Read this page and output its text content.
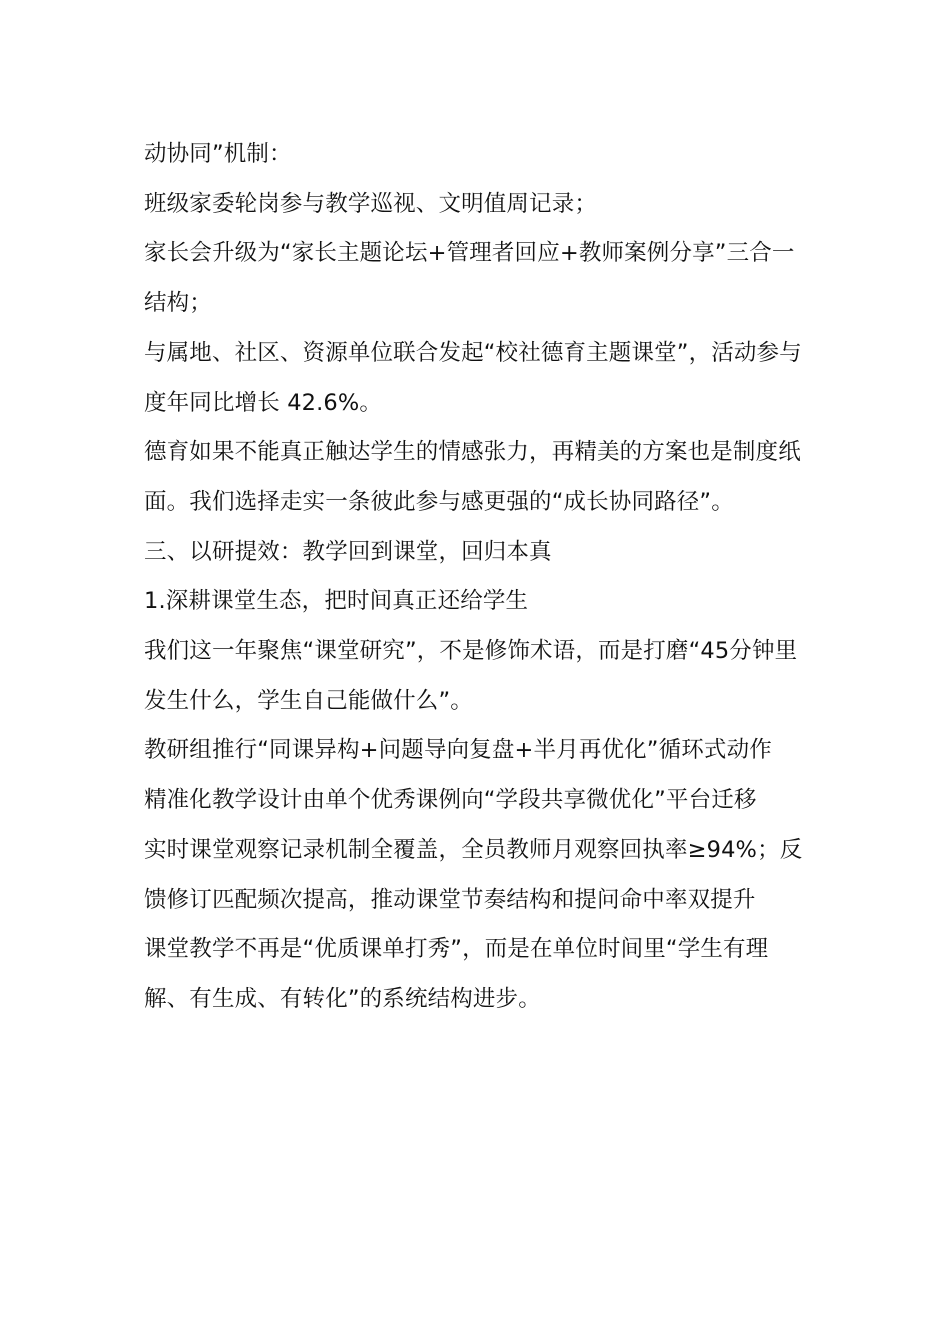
动协同”机制：

班级家委轮岗参与教学巡视、文明值周记录；

家长会升级为“家长主题论坛+管理者回应+教师案例分享”三合一结构；

与属地、社区、资源单位联合发起“校社德育主题课堂”，活动参与度年同比增长 42.6%。

德育如果不能真正触达学生的情感张力，再精美的方案也是制度纸面。我们选择走实一条彼此参与感更强的“成长协同路径”。

三、以研提效：教学回到课堂，回归本真

1.深耕课堂生态，把时间真正还给学生

我们这一年聚焦“课堂研究”，不是修饰术语，而是打磨“45分钟里发生什么，学生自己能做什么”。

教研组推行“同课异构+问题导向复盘+半月再优化”循环式动作

精准化教学设计由单个优秀课例向“学段共享微优化”平台迁移

实时课堂观察记录机制全覆盖，全员教师月观察回执率≥94%；反馈修订匹配频次提高，推动课堂节奏结构和提问命中率双提升

课堂教学不再是“优质课单打秀”，而是在单位时间里“学生有理解、有生成、有转化”的系统结构进步。
